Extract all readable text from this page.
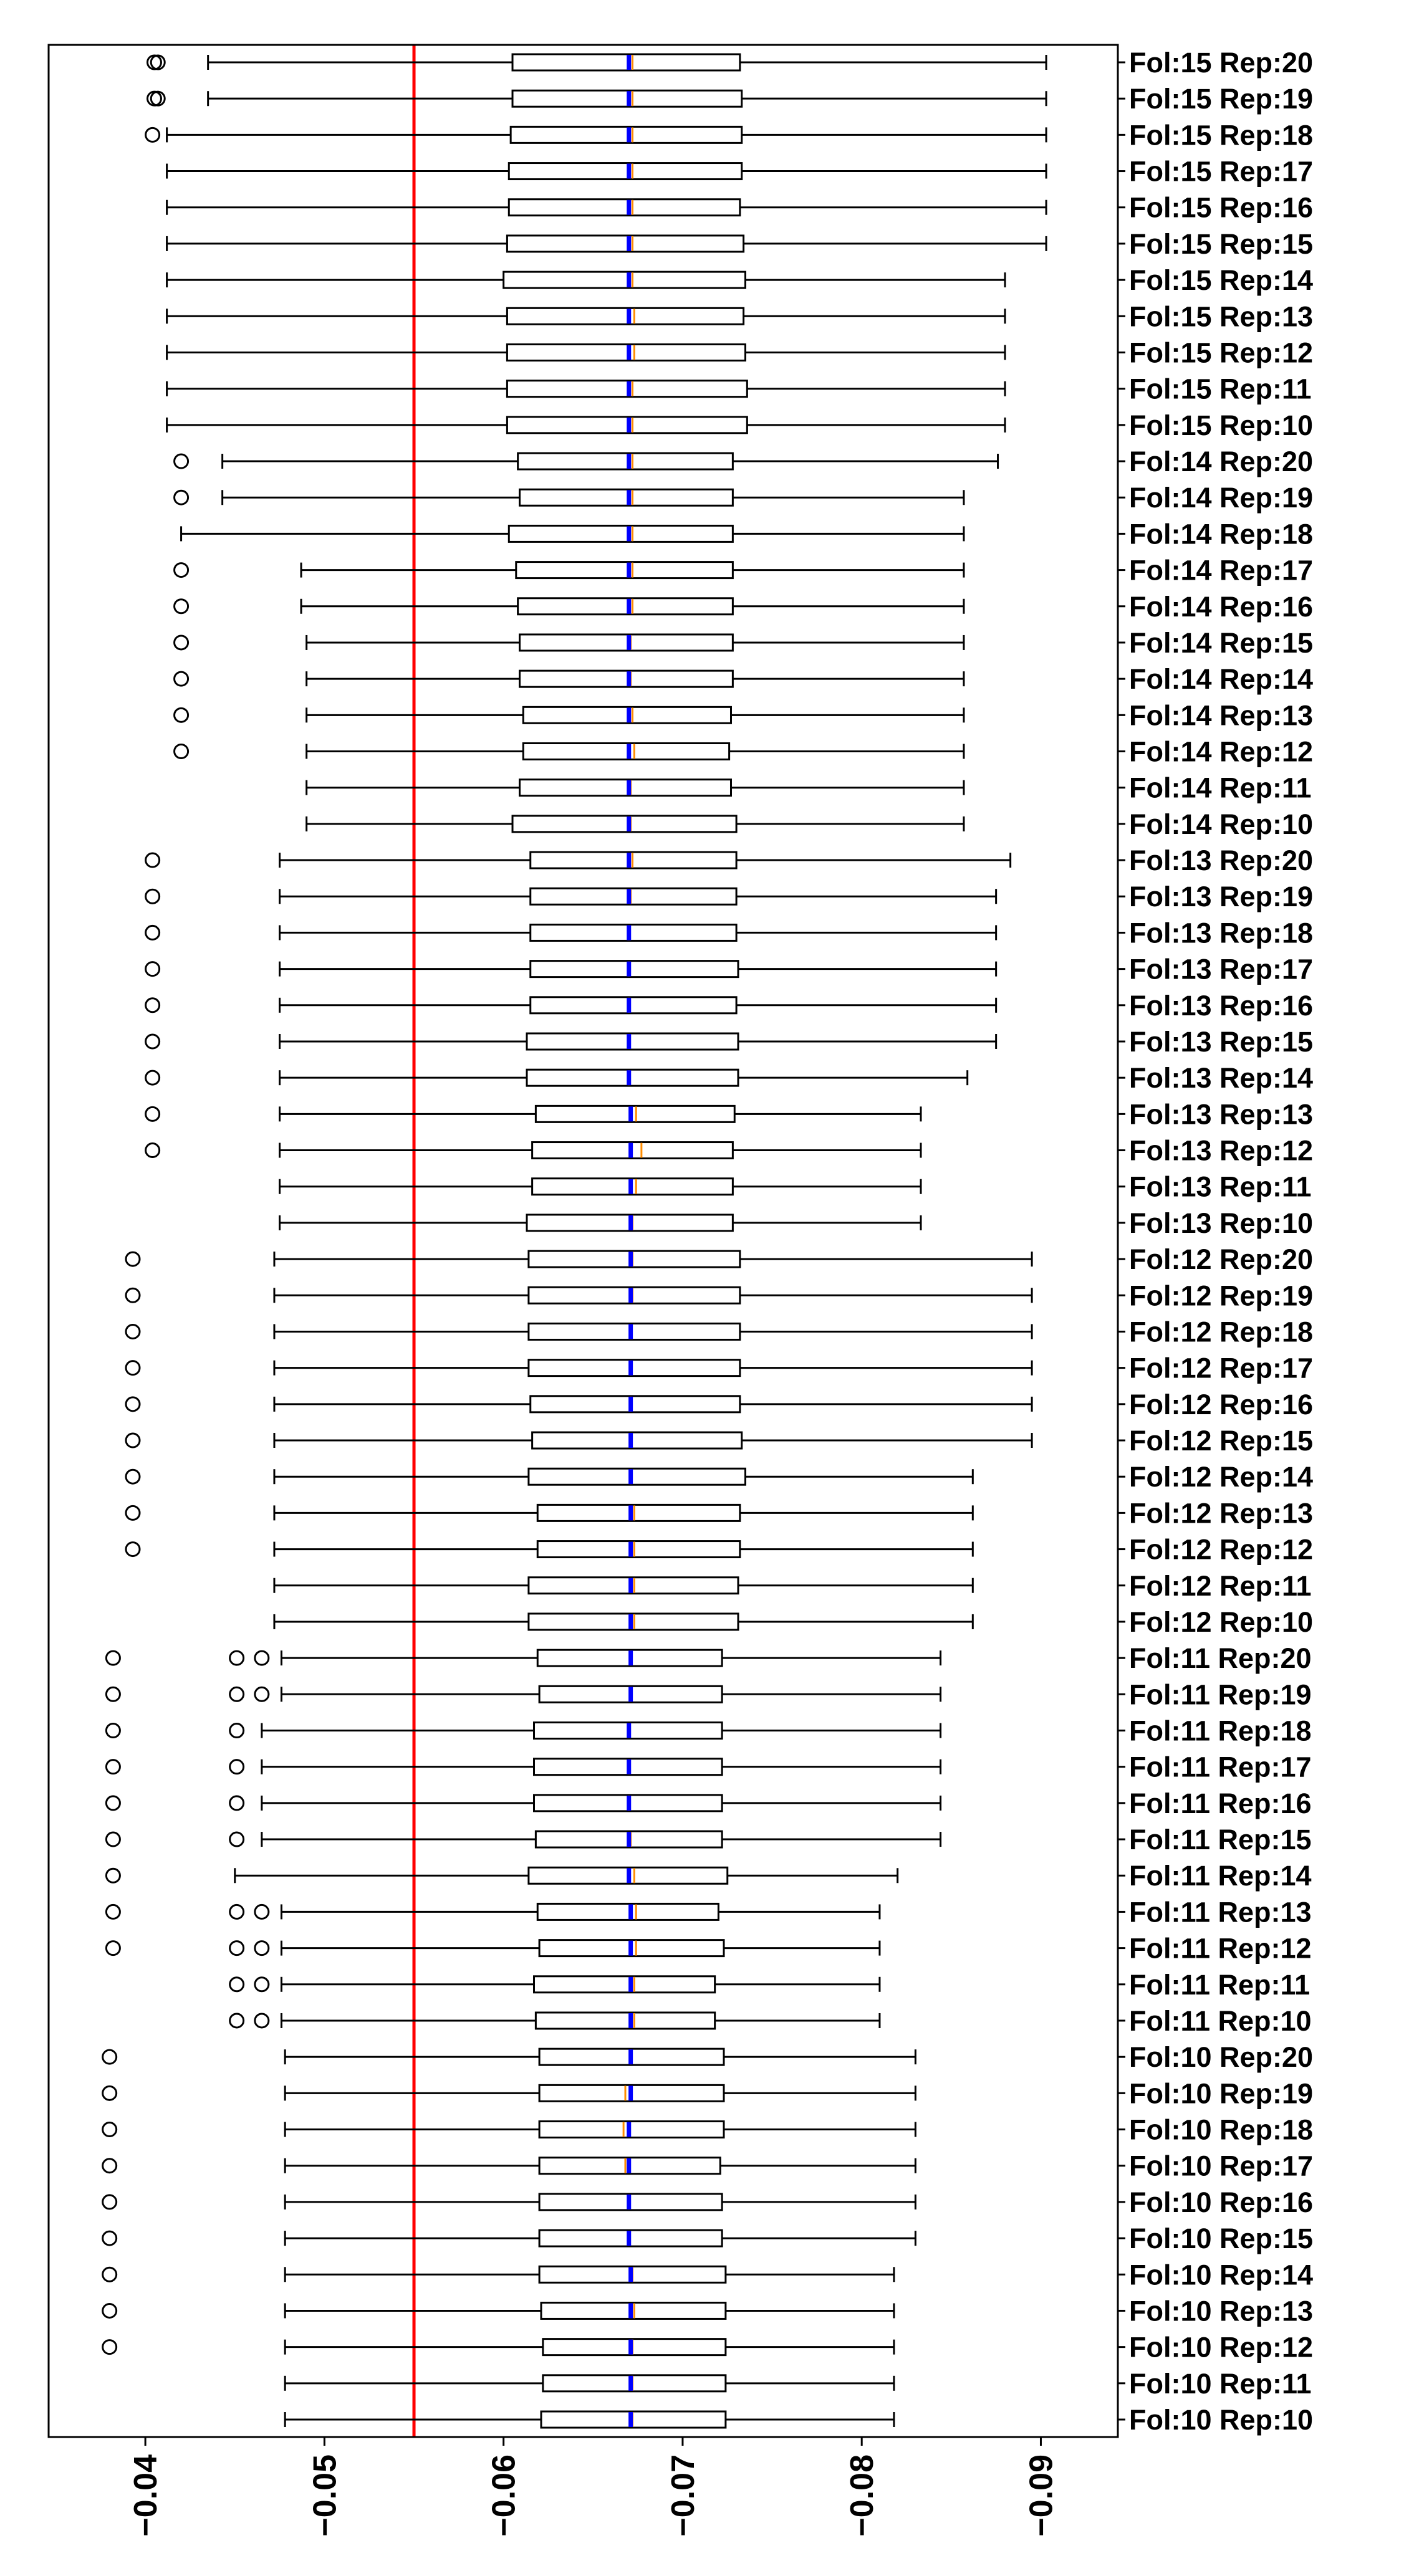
Fol:15 Rep:20
Fol:15 Rep:19
Fol:15 Rep:18
Fol:15 Rep:17
Fol:15 Rep:16
Fol:15 Rep:15
Fol:15 Rep:14
Fol:15 Rep:13
Fol:15 Rep:12
Fol:15 Rep:11
Fol:15 Rep:10
Fol:14 Rep:20
Fol:14 Rep:19
Fol:14 Rep:18
Fol:14 Rep:17
Fol:14 Rep:16
Fol:14 Rep:15
Fol:14 Rep:14
Fol:14 Rep:13
Fol:14 Rep:12
Fol:14 Rep:11
Fol:14 Rep:10
Fol:13 Rep:20
Fol:13 Rep:19
Fol:13 Rep:18
Fol:13 Rep:17
Fol:13 Rep:16
Fol:13 Rep:15
Fol:13 Rep:14
Fol:13 Rep:13
Fol:13 Rep:12
Fol:13 Rep:11
Fol:13 Rep:10
Fol:12 Rep:20
Fol:12 Rep:19
Fol:12 Rep:18
Fol:12 Rep:17
Fol:12 Rep:16
Fol:12 Rep:15
Fol:12 Rep:14
Fol:12 Rep:13
Fol:12 Rep:12
Fol:12 Rep:11
Fol:12 Rep:10
Fol:11 Rep:20
Fol:11 Rep:19
Fol:11 Rep:18
Fol:11 Rep:17
Fol:11 Rep:16
Fol:11 Rep:15
Fol:11 Rep:14
Fol:11 Rep:13
Fol:11 Rep:12
Fol:11 Rep:11
Fol:11 Rep:10
Fol:10 Rep:20
Fol:10 Rep:19
Fol:10 Rep:18
Fol:10 Rep:17
Fol:10 Rep:16
Fol:10 Rep:15
Fol:10 Rep:14
Fol:10 Rep:13
Fol:10 Rep:12
Fol:10 Rep:11
Fol:10 Rep:10
−0.04	−0.05	−0.06	−0.07	−0.08	−0.09
